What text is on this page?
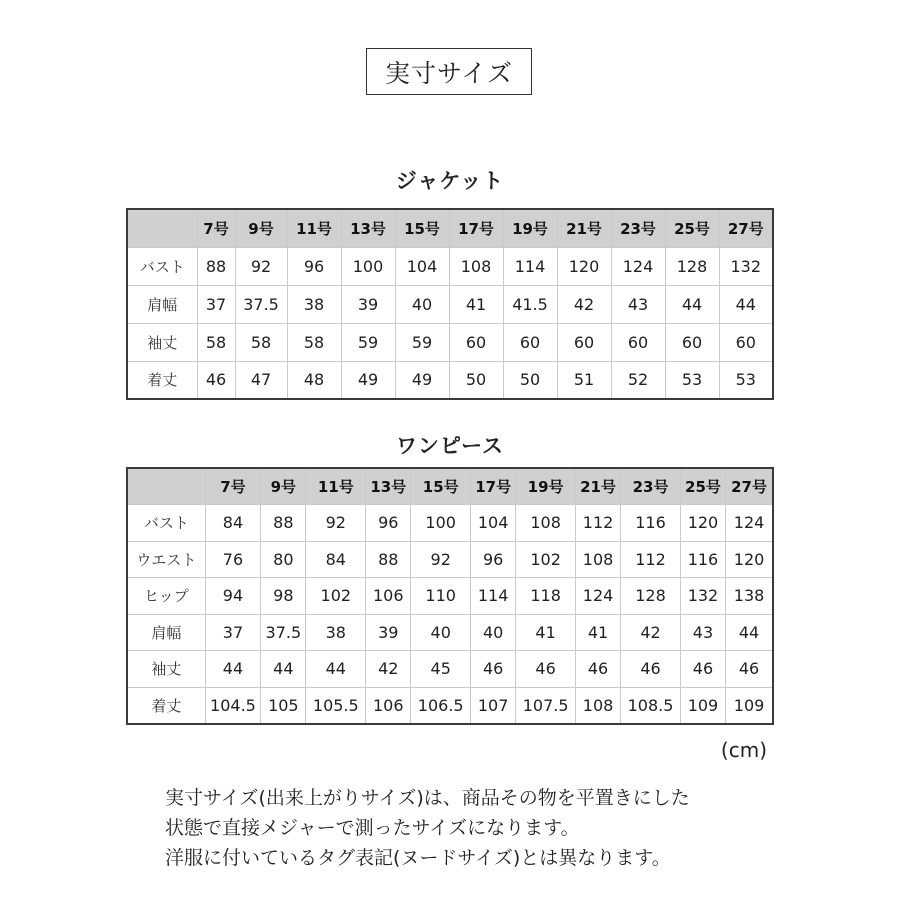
実寸サイズ
ジャケット
	7号	9号	11号	13号	15号	17号	19号	21号	23号	25号	27号
バスト	88	92	96	100	104	108	114	120	124	128	132
肩幅	37	37.5	38	39	40	41	41.5	42	43	44	44
袖丈	58	58	58	59	59	60	60	60	60	60	60
着丈	46	47	48	49	49	50	50	51	52	53	53
ワンピース
	7号	9号	11号	13号	15号	17号	19号	21号	23号	25号	27号
バスト	84	88	92	96	100	104	108	112	116	120	124
ウエスト	76	80	84	88	92	96	102	108	112	116	120
ヒップ	94	98	102	106	110	114	118	124	128	132	138
肩幅	37	37.5	38	39	40	40	41	41	42	43	44
袖丈	44	44	44	42	45	46	46	46	46	46	46
着丈	104.5	105	105.5	106	106.5	107	107.5	108	108.5	109	109
(cm)
実寸サイズ(出来上がりサイズ)は、商品その物を平置きにした
状態で直接メジャーで測ったサイズになります。
洋服に付いているタグ表記(ヌードサイズ)とは異なります。
